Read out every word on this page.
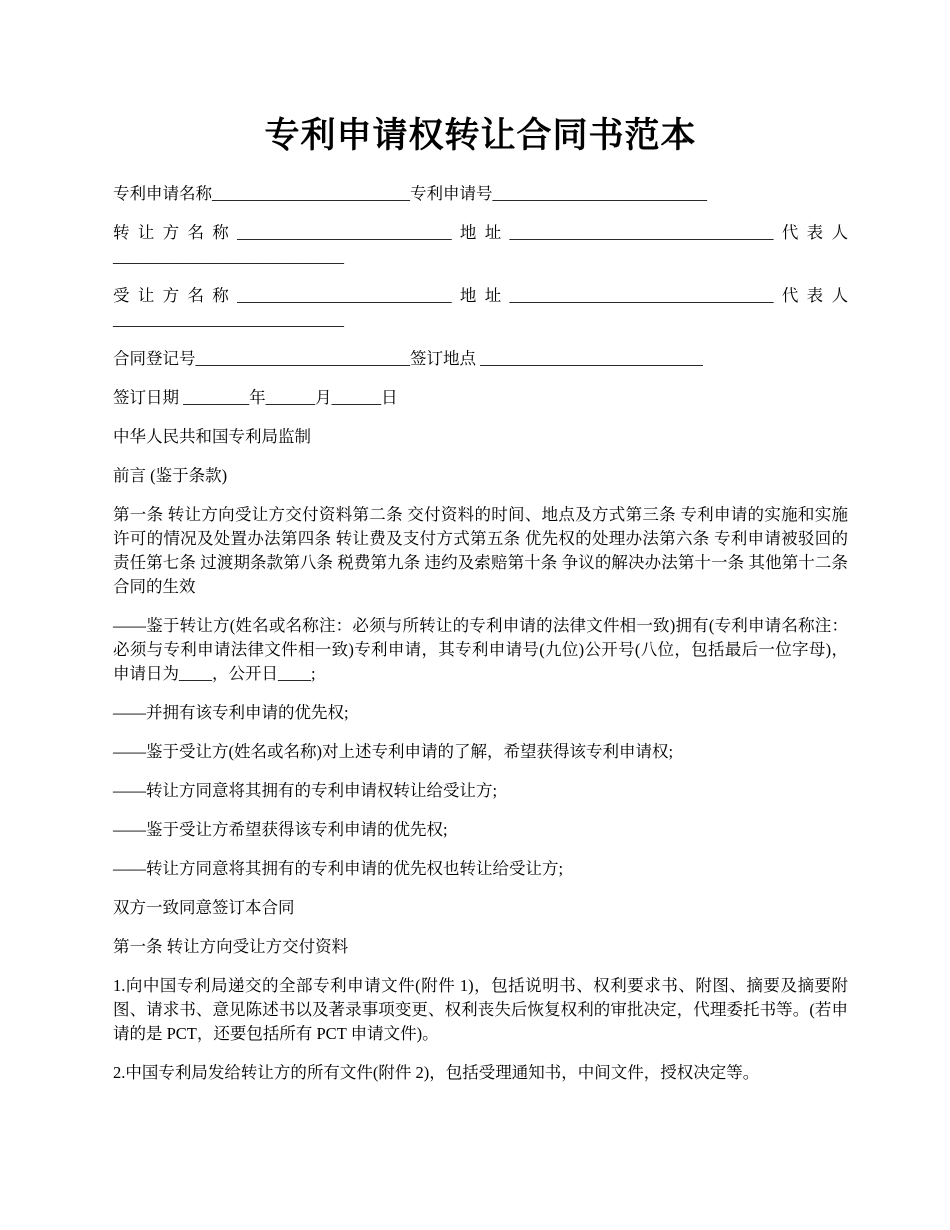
专利申请权转让合同书范本

专利申请名称________________________专利申请号__________________________

转让方名称__________________________地址________________________________代表人____________________________

受让方名称__________________________地址________________________________代表人____________________________

合同登记号__________________________签订地点 ___________________________

签订日期 ________年______月______日

中华人民共和国专利局监制

前言 (鉴于条款)

第一条 转让方向受让方交付资料第二条 交付资料的时间、地点及方式第三条 专利申请的实施和实施许可的情况及处置办法第四条 转让费及支付方式第五条 优先权的处理办法第六条 专利申请被驳回的责任第七条 过渡期条款第八条 税费第九条 违约及索赔第十条 争议的解决办法第十一条 其他第十二条 合同的生效

——鉴于转让方(姓名或名称注：必须与所转让的专利申请的法律文件相一致)拥有(专利申请名称注：必须与专利申请法律文件相一致)专利申请，其专利申请号(九位)公开号(八位，包括最后一位字母)，申请日为____，公开日____;

——并拥有该专利申请的优先权;

——鉴于受让方(姓名或名称)对上述专利申请的了解，希望获得该专利申请权;

——转让方同意将其拥有的专利申请权转让给受让方;

——鉴于受让方希望获得该专利申请的优先权;

——转让方同意将其拥有的专利申请的优先权也转让给受让方;

双方一致同意签订本合同

第一条 转让方向受让方交付资料

1.向中国专利局递交的全部专利申请文件(附件 1)，包括说明书、权利要求书、附图、摘要及摘要附图、请求书、意见陈述书以及著录事项变更、权利丧失后恢复权利的审批决定，代理委托书等。(若申请的是 PCT，还要包括所有 PCT 申请文件)。

2.中国专利局发给转让方的所有文件(附件 2)，包括受理通知书，中间文件，授权决定等。
